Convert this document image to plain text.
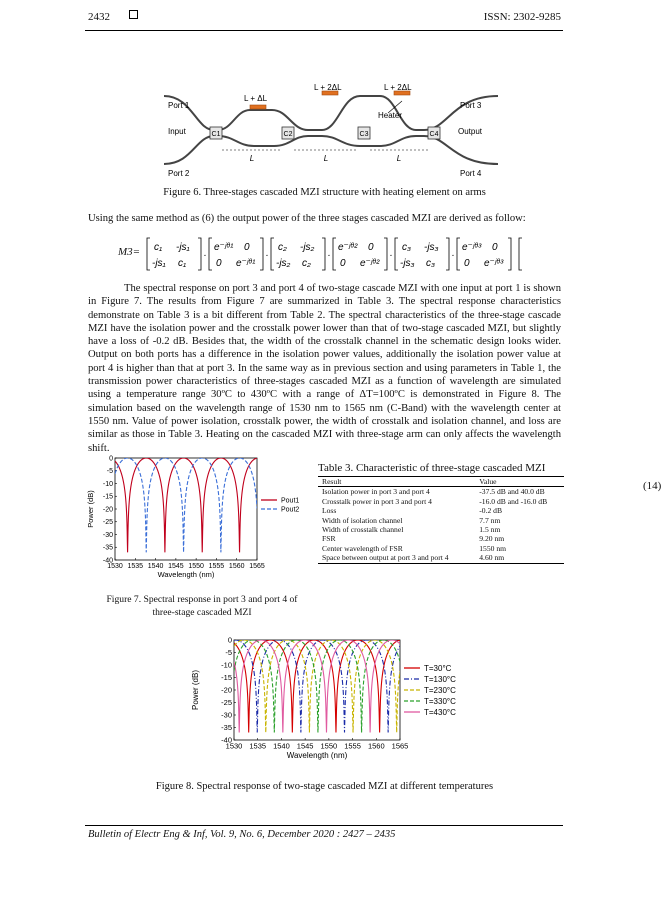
2432	ISSN: 2302-9285
C1	C2	C3	C4
L + ΔL
L + 2ΔL	L + 2ΔL
Heater
Port 1
Input
Port 2
Port 3
Output
Port 4
L	L	L
Figure 6. Three-stages cascaded MZI structure with heating element on arms

Using the same method as (6) the output power of the three stages cascaded MZI are derived as follow:

M3= c₁ -js₁
-js₁ c₁
.
e⁻ʲᶿ¹ 0
0 e⁻ʲᶿ¹
.
c₂ -js₂
-js₂ c₂
.
e⁻ʲᶿ² 0
0 e⁻ʲᶿ²
.
c₃ -js₃
-js₃ c₃
.
e⁻ʲᶿ³ 0
0 e⁻ʲᶿ³
(14)

The spectral response on port 3 and port 4 of two-stage cascade MZI with one input at port 1 is shown in Figure 7. The results from Figure 7 are summarized in Table 3. The spectral response characteristics demonstrate on Table 3 is a bit different from Table 2. The spectral characteristics of the three-stage cascade MZI have the isolation power and the crosstalk power lower than that of two-stage cascaded MZI, but slightly have a loss of -0.2 dB. Besides that, the width of the crosstalk channel in the schematic design looks wider. Output on both ports has a difference in the isolation power values, additionally the isolation power value at port 4 is higher than that at port 3. In the same way as in previous section and using parameters in Table 1, the transmission power characteristics of three-stages cascaded MZI as a function of wavelength are simulated using a temperature range 30ºC to 430ºC with a range of ΔT=100ºC is demonstrated in Figure 8. The simulation based on the wavelength range of 1530 nm to 1565 nm (C-Band) with the wavelength center at 1550 nm. Value of power isolation, crosstalk power, the width of crosstalk and isolation channel, and loss are similar as those in Table 3. Heating on the cascaded MZI with three-stage arm can only affects the wavelength shift.

1530 1535 1540 1545 1550 1555 1560 1565
0
-5
-10
-15
-20
-25
-30
-35
-40
Wavelength (nm)
Power (dB)	Pout1
Pout2
Figure 7. Spectral response in port 3 and port 4 of
three-stage cascaded MZI
Table 3. Characteristic of three-stage cascaded MZI
Result	Value
Isolation power in port 3 and port 4	-37.5 dB and 40.0 dB
Crosstalk power in port 3 and port 4	-16.0 dB and -16.0 dB
Loss	-0.2 dB
Width of isolation channel	7.7 nm
Width of crosstalk channel	1.5 nm
FSR	9.20 nm
Center wavelength of FSR	1550 nm
Space between output at port 3 and port 4	4.60 nm
1530 1535 1540 1545 1550 1555 1560 1565
0
-5
-10
-15
-20
-25
-30
-35
-40
Wavelength (nm)
Power (dB)
T=30°C
T=130°C
T=230°C
T=330°C
T=430°C
Figure 8. Spectral response of two-stage cascaded MZI at different temperatures
Bulletin of Electr Eng & Inf, Vol. 9, No. 6, December 2020 : 2427 – 2435
